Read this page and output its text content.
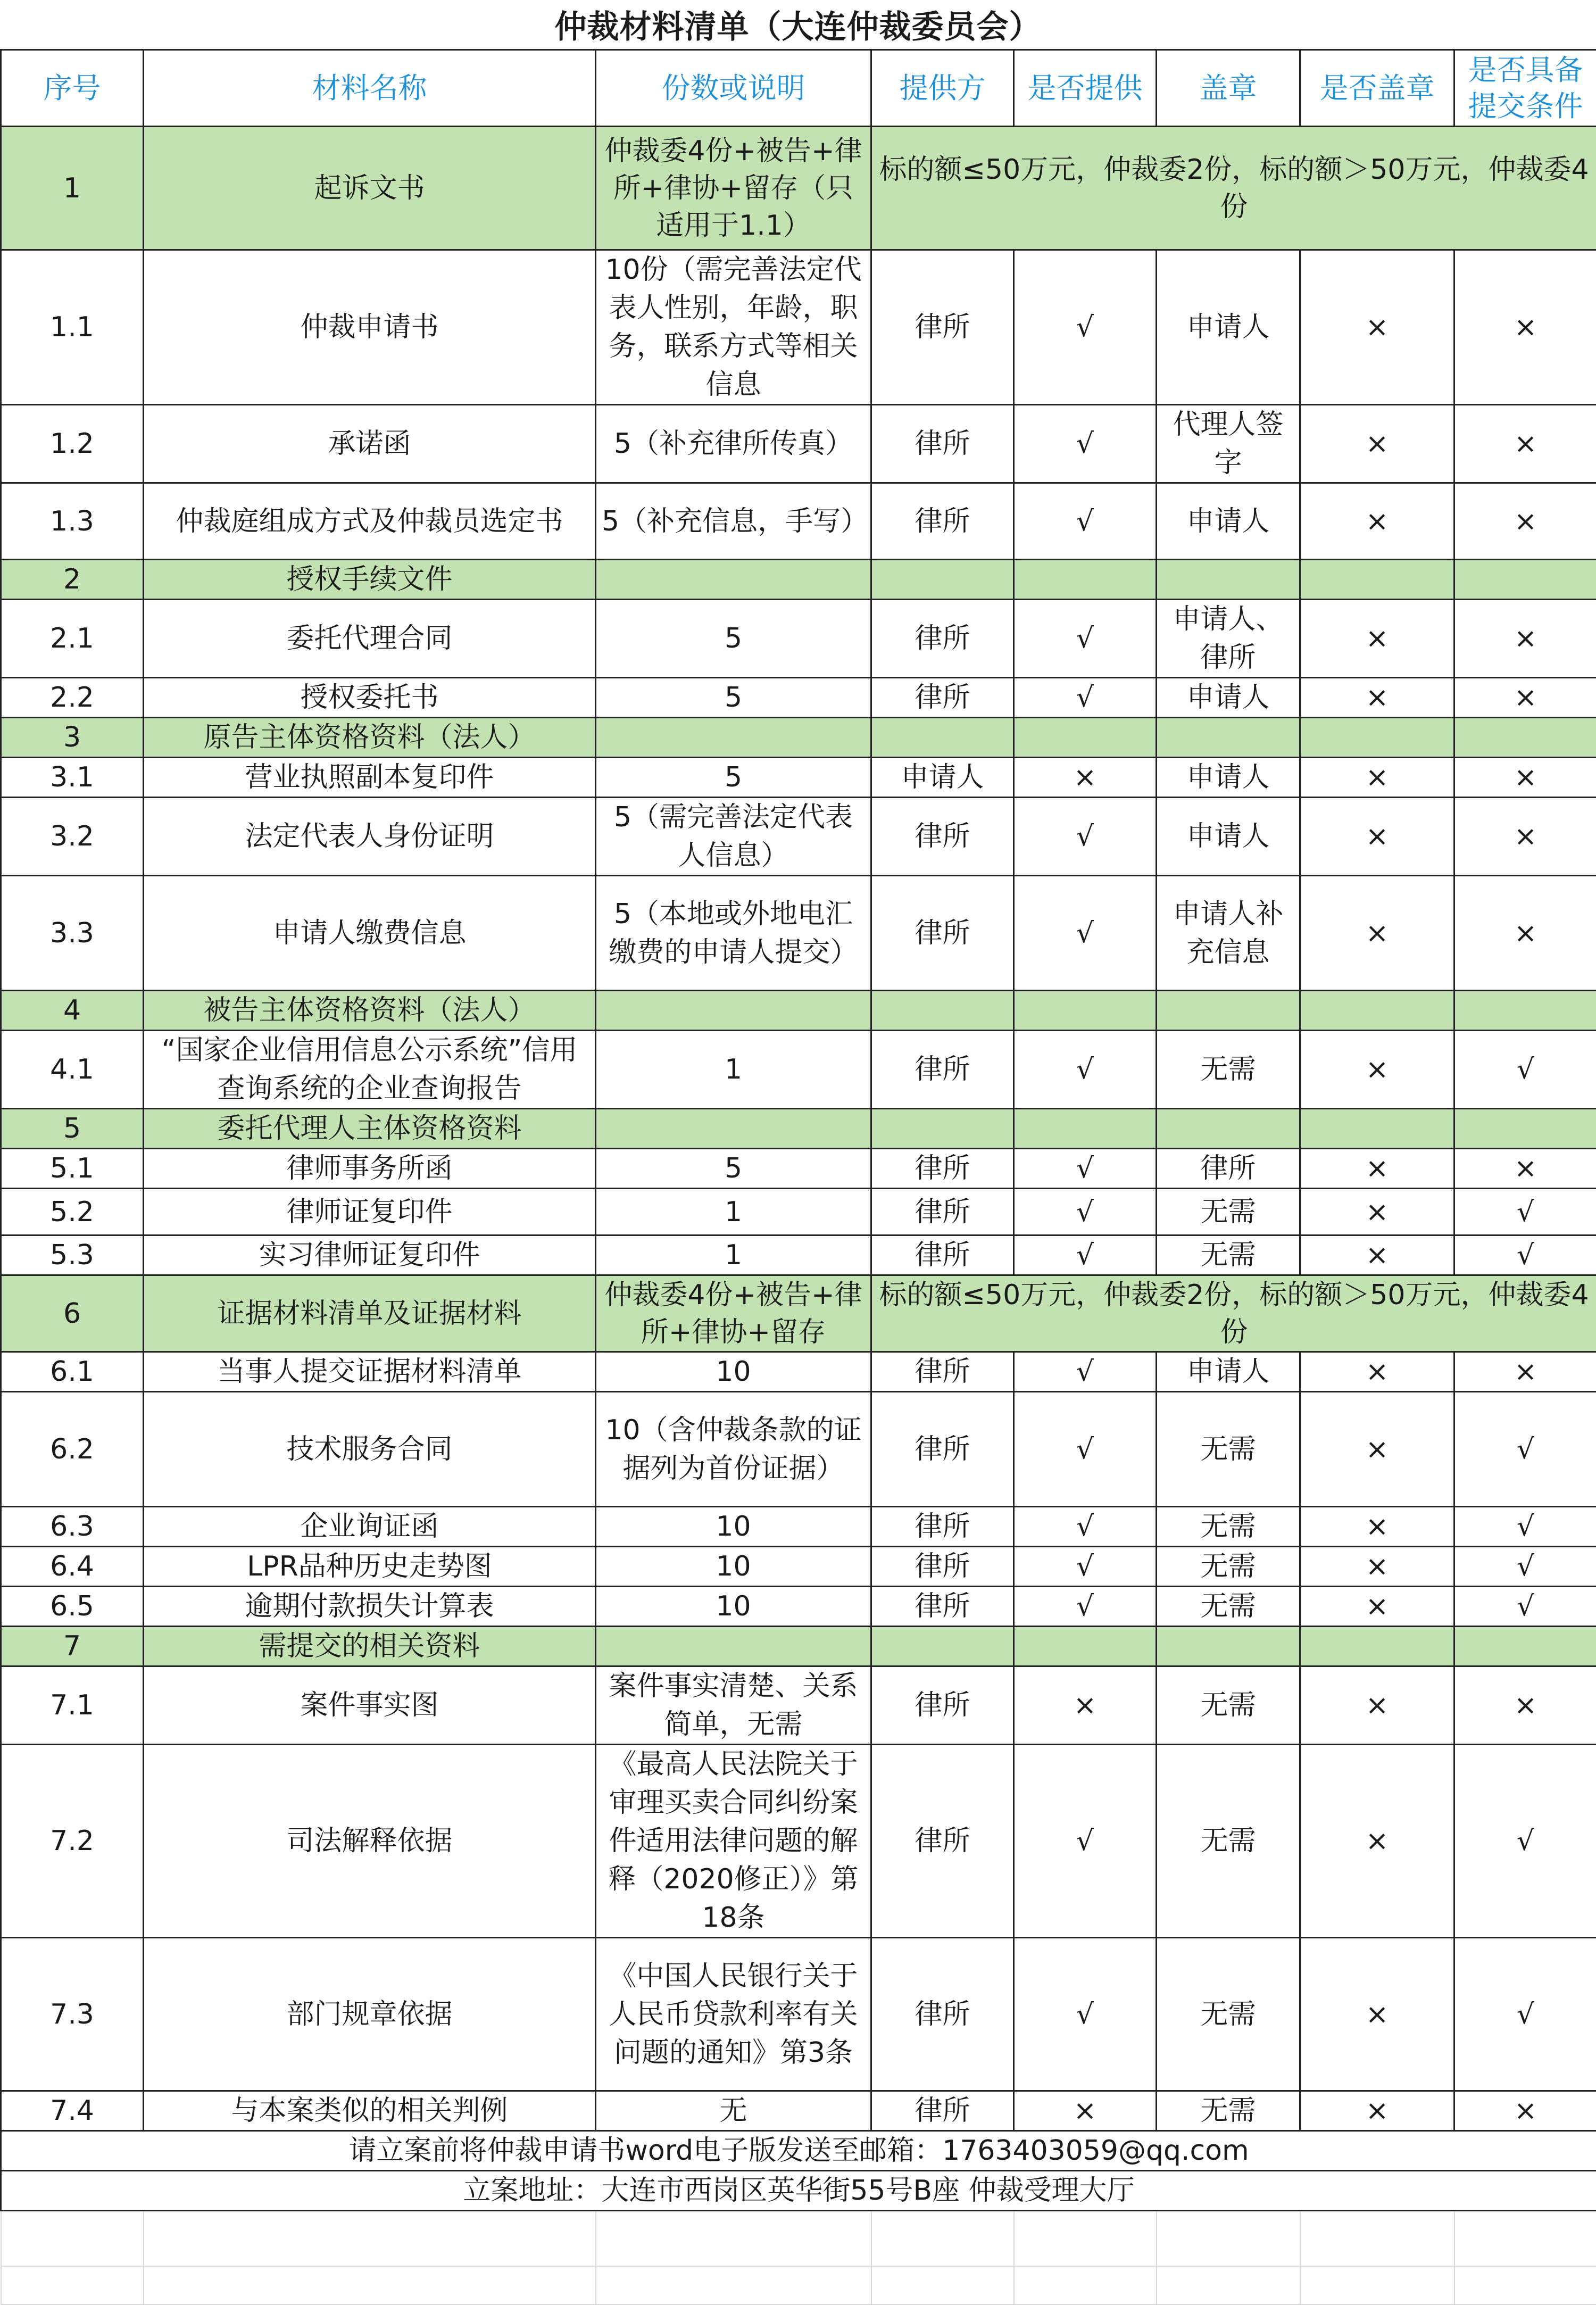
仲裁材料清单（大连仲裁委员会）
序号	材料名称	份数或说明	提供方	是否提供	盖章	是否盖章	是否具备提交条件
1	起诉文书	仲裁委4份+被告+律所+律协+留存（只适用于1.1）	标的额≤50万元，仲裁委2份，标的额＞50万元，仲裁委4份				
1.1	仲裁申请书	10份（需完善法定代表人性别，年龄，职务，联系方式等相关信息	律所	√	申请人	×	×
1.2	承诺函	5（补充律所传真）	律所	√	代理人签字	×	×
1.3	仲裁庭组成方式及仲裁员选定书	5（补充信息，手写）	律所	√	申请人	×	×
2	授权手续文件						
2.1	委托代理合同	5	律所	√	申请人、律所	×	×
2.2	授权委托书	5	律所	√	申请人	×	×
3	原告主体资格资料（法人）						
3.1	营业执照副本复印件	5	申请人	×	申请人	×	×
3.2	法定代表人身份证明	5（需完善法定代表人信息）	律所	√	申请人	×	×
3.3	申请人缴费信息	5（本地或外地电汇缴费的申请人提交）	律所	√	申请人补充信息	×	×
4	被告主体资格资料（法人）						
4.1	“国家企业信用信息公示系统”信用查询系统的企业查询报告	1	律所	√	无需	×	√
5	委托代理人主体资格资料						
5.1	律师事务所函	5	律所	√	律所	×	×
5.2	律师证复印件	1	律所	√	无需	×	√
5.3	实习律师证复印件	1	律所	√	无需	×	√
6	证据材料清单及证据材料	仲裁委4份+被告+律所+律协+留存	标的额≤50万元，仲裁委2份，标的额＞50万元，仲裁委4份				
6.1	当事人提交证据材料清单	10	律所	√	申请人	×	×
6.2	技术服务合同	10（含仲裁条款的证据列为首份证据）	律所	√	无需	×	√
6.3	企业询证函	10	律所	√	无需	×	√
6.4	LPR品种历史走势图	10	律所	√	无需	×	√
6.5	逾期付款损失计算表	10	律所	√	无需	×	√
7	需提交的相关资料						
7.1	案件事实图	案件事实清楚、关系简单，无需	律所	×	无需	×	×
7.2	司法解释依据	《最高人民法院关于审理买卖合同纠纷案件适用法律问题的解释（2020修正）》第18条	律所	√	无需	×	√
7.3	部门规章依据	《中国人民银行关于人民币贷款利率有关问题的通知》第3条	律所	√	无需	×	√
7.4	与本案类似的相关判例	无	律所	×	无需	×	×
请立案前将仲裁申请书word电子版发送至邮箱：1763403059@qq.com							
立案地址：大连市西岗区英华街55号B座 仲裁受理大厅							
